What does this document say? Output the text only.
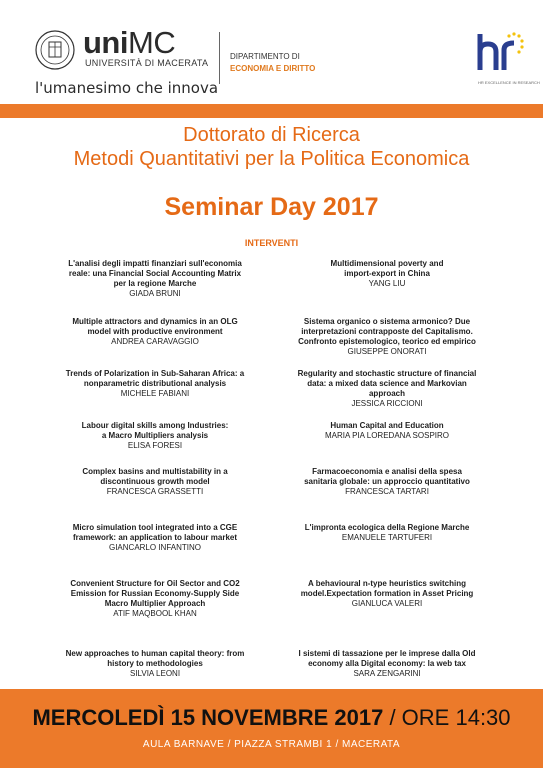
uniMC
UNIVERSITÀ DI MACERATA
l'umanesimo che innova
DIPARTIMENTO DI
ECONOMIA E DIRITTO
HR EXCELLENCE IN RESEARCH
Dottorato di Ricerca
Metodi Quantitativi per la Politica Economica
Seminar Day 2017
INTERVENTI
L'analisi degli impatti finanziari sull'economia
reale: una Financial Social Accounting Matrix
per la regione Marche
GIADA BRUNI
Multiple attractors and dynamics in an OLG
model with productive environment
ANDREA CARAVAGGIO
Trends of Polarization in Sub-Saharan Africa: a
nonparametric distributional analysis
MICHELE FABIANI
Labour digital skills among Industries:
a Macro Multipliers analysis
ELISA FORESI
Complex basins and multistability in a
discontinuous growth model
FRANCESCA GRASSETTI
Micro simulation tool integrated into a CGE
framework: an application to labour market
GIANCARLO INFANTINO
Convenient Structure for Oil Sector and CO2
Emission for Russian Economy-Supply Side
Macro Multiplier Approach
ATIF MAQBOOL KHAN
New approaches to human capital theory: from
history to methodologies
SILVIA LEONI
Multidimensional poverty and
import-export in China
YANG LIU
Sistema organico o sistema armonico? Due
interpretazioni contrapposte del Capitalismo.
Confronto epistemologico, teorico ed empirico
GIUSEPPE ONORATI
Regularity and stochastic structure of financial
data: a mixed data science and Markovian
approach
JESSICA RICCIONI
Human Capital and Education
MARIA PIA LOREDANA SOSPIRO
Farmacoeconomia e analisi della spesa
sanitaria globale: un approccio quantitativo
FRANCESCA TARTARI
L'impronta ecologica della Regione Marche
EMANUELE TARTUFERI
A behavioural n-type heuristics switching
model.Expectation formation in Asset Pricing
GIANLUCA VALERI
I sistemi di tassazione per le imprese dalla Old
economy alla Digital economy: la web tax
SARA ZENGARINI
MERCOLEDÌ 15 NOVEMBRE 2017 / ORE 14:30
AULA BARNAVE / PIAZZA STRAMBI 1 / MACERATA
